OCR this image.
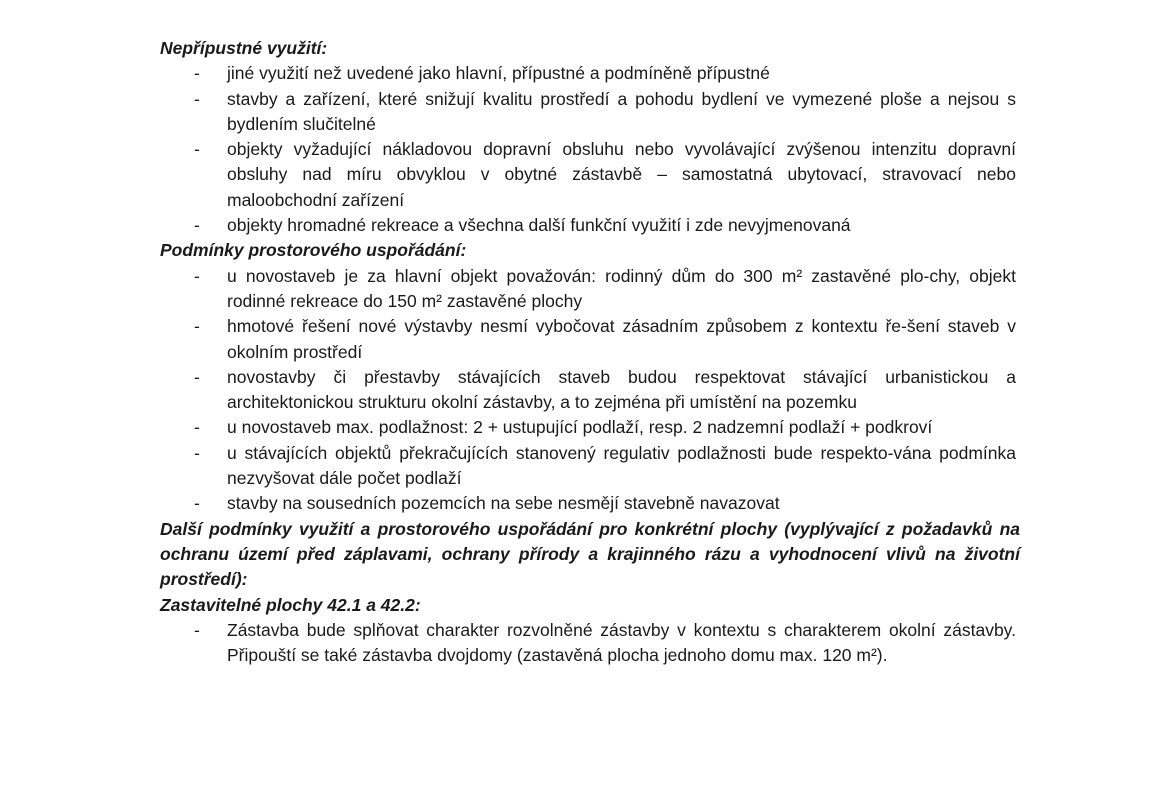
Nepřípustné využití:

- jiné využití než uvedené jako hlavní, přípustné a podmíněně přípustné
- stavby a zařízení, které snižují kvalitu prostředí a pohodu bydlení ve vymezené ploše a nejsou s bydlením slučitelné
- objekty vyžadující nákladovou dopravní obsluhu nebo vyvolávající zvýšenou intenzitu dopravní obsluhy nad míru obvyklou v obytné zástavbě – samostatná ubytovací, stravovací nebo maloobchodní zařízení
- objekty hromadné rekreace a všechna další funkční využití i zde nevyjmenovaná

Podmínky prostorového uspořádání:

- u novostaveb je za hlavní objekt považován: rodinný dům do 300 m² zastavěné plo-chy, objekt rodinné rekreace do 150 m² zastavěné plochy
- hmotové řešení nové výstavby nesmí vybočovat zásadním způsobem z kontextu ře-šení staveb v okolním prostředí
- novostavby či přestavby stávajících staveb budou respektovat stávající urbanistickou a architektonickou strukturu okolní zástavby, a to zejména při umístění na pozemku
- u novostaveb max. podlažnost: 2 + ustupující podlaží, resp. 2 nadzemní podlaží + podkroví
- u stávajících objektů překračujících stanovený regulativ podlažnosti bude respekto-vána podmínka nezvyšovat dále počet podlaží
- stavby na sousedních pozemcích na sebe nesmějí stavebně navazovat

Další podmínky využití a prostorového uspořádání pro konkrétní plochy (vyplývající z požadavků na ochranu území před záplavami, ochrany přírody a krajinného rázu a vyhodnocení vlivů na životní prostředí):

Zastavitelné plochy 42.1 a 42.2:

- Zástavba bude splňovat charakter rozvolněné zástavby v kontextu s charakterem okolní zástavby. Připouští se také zástavba dvojdomy (zastavěná plocha jednoho domu max. 120 m²).
